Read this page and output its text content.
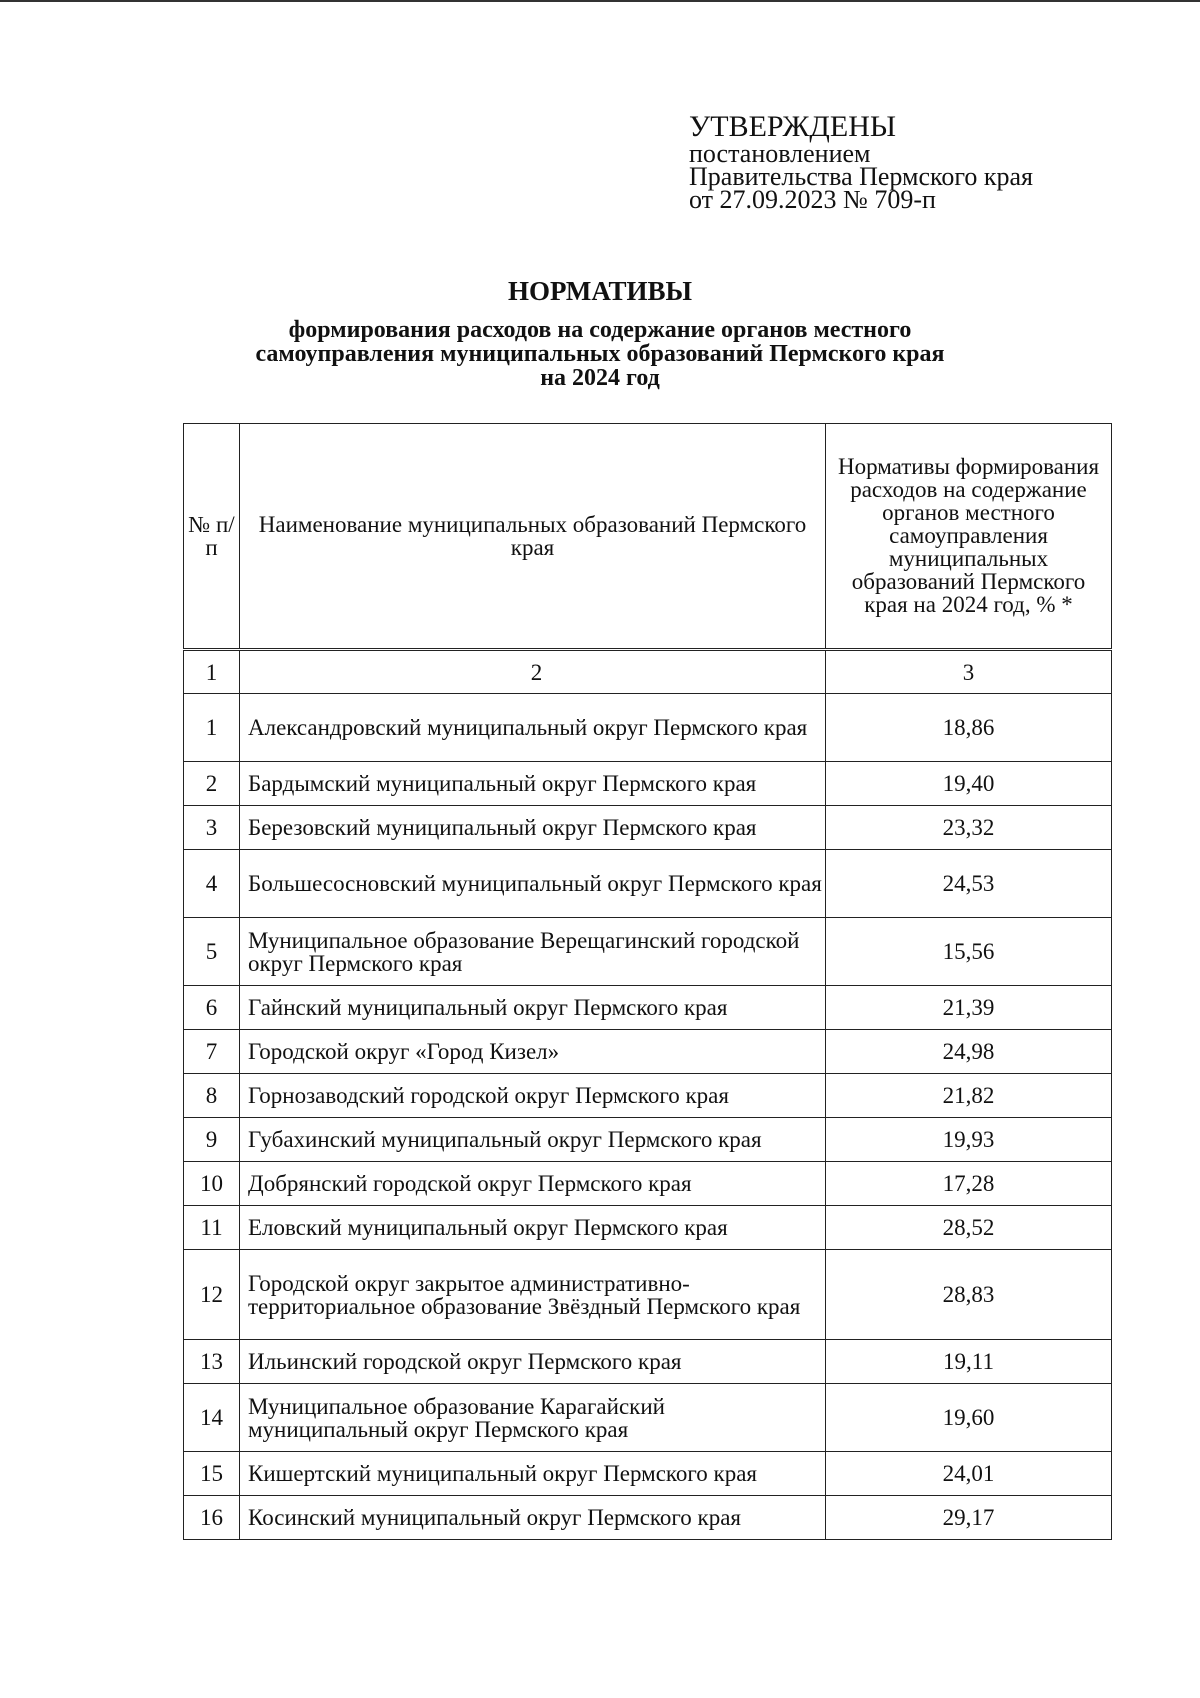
УТВЕРЖДЕНЫ
постановлением
Правительства Пермского края
от 27.09.2023 № 709-п
НОРМАТИВЫ
формирования расходов на содержание органов местного
самоуправления муниципальных образований Пермского края
на 2024 год
№ п/п	Наименование муниципальных образований Пермского края	Нормативы формирования расходов на содержание органов местного самоуправления муниципальных образований Пермского края на 2024 год, % *
1	2	3
1	Александровский муниципальный округ Пермского края	18,86
2	Бардымский муниципальный округ Пермского края	19,40
3	Березовский муниципальный округ Пермского края	23,32
4	Большесосновский муниципальный округ Пермского края	24,53
5	Муниципальное образование Верещагинский городской округ Пермского края	15,56
6	Гайнский муниципальный округ Пермского края	21,39
7	Городской округ «Город Кизел»	24,98
8	Горнозаводский городской округ Пермского края	21,82
9	Губахинский муниципальный округ Пермского края	19,93
10	Добрянский городской округ Пермского края	17,28
11	Еловский муниципальный округ Пермского края	28,52
12	Городской округ закрытое административно-территориальное образование Звёздный Пермского края	28,83
13	Ильинский городской округ Пермского края	19,11
14	Муниципальное образование Карагайский муниципальный округ Пермского края	19,60
15	Кишертский муниципальный округ Пермского края	24,01
16	Косинский муниципальный округ Пермского края	29,17
